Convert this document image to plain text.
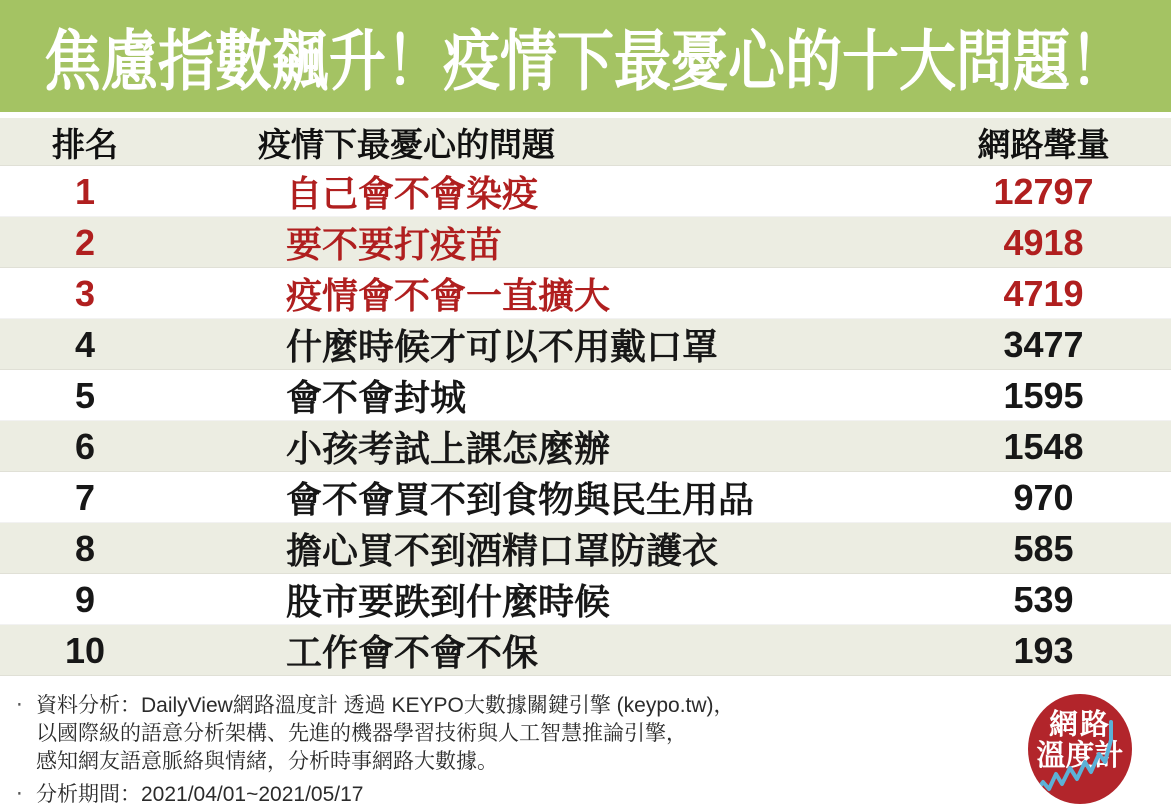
焦慮指數飆升！疫情下最憂心的十大問題！
排名	疫情下最憂心的問題	網路聲量
1	自己會不會染疫	12797
2	要不要打疫苗	4918
3	疫情會不會一直擴大	4719
4	什麼時候才可以不用戴口罩	3477
5	會不會封城	1595
6	小孩考試上課怎麼辦	1548
7	會不會買不到食物與民生用品	970
8	擔心買不到酒精口罩防護衣	585
9	股市要跌到什麼時候	539
10	工作會不會不保	193
‧ 資料分析：DailyView網路溫度計 透過 KEYPO大數據關鍵引擎 (keypo.tw)，
以國際級的語意分析架構、先進的機器學習技術與人工智慧推論引擎，
感知網友語意脈絡與情緒，分析時事網路大數據。
‧ 分析期間：2021/04/01~2021/05/17
網路
溫度計
